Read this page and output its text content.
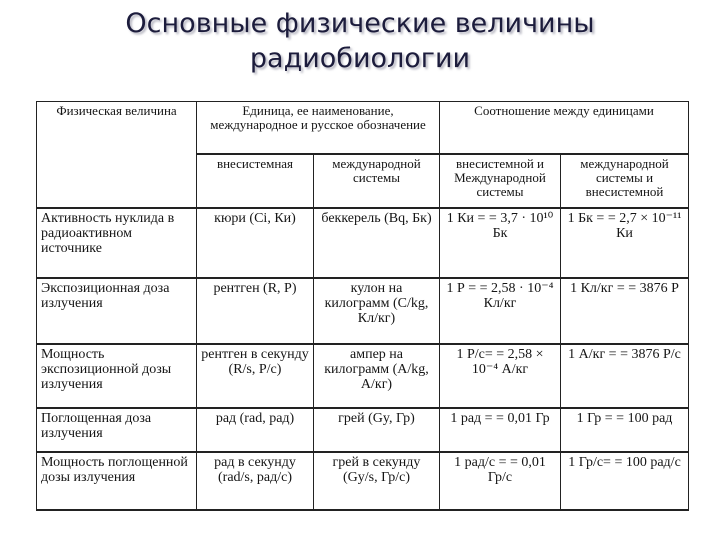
Основные физические величины
радиобиологии
Физическая величина	Единица, ее наименование, международное и русское обозначение		Соотношение между единицами	
	внесистемная	международной системы	внесистемной и Международной системы	международной системы и внесистемной
Активность нуклида в радиоактивном источнике	кюри (Ci, Ки)	беккерель (Bq, Бк)	1 Ки = = 3,7 · 10¹⁰ Бк	1 Бк = = 2,7 × 10⁻¹¹ Ки
Экспозиционная доза излучения	рентген (R, Р)	кулон на килограмм (C/kg, Кл/кг)	1 Р = = 2,58 · 10⁻⁴ Кл/кг	1 Кл/кг = = 3876 Р
Мощность экспозиционной дозы излучения	рентген в секунду (R/s, Р/с)	ампер на килограмм (A/kg, А/кг)	1 Р/с= = 2,58 × 10⁻⁴ А/кг	1 А/кг = = 3876 Р/с
Поглощенная доза излучения	рад (rad, рад)	грей (Gy, Гр)	1 рад = = 0,01 Гр	1 Гр = = 100 рад
Мощность поглощенной дозы излучения	рад в секунду (rad/s, рад/с)	грей в секунду (Gy/s, Гр/с)	1 рад/с = = 0,01 Гр/с	1 Гр/с= = 100 рад/с
